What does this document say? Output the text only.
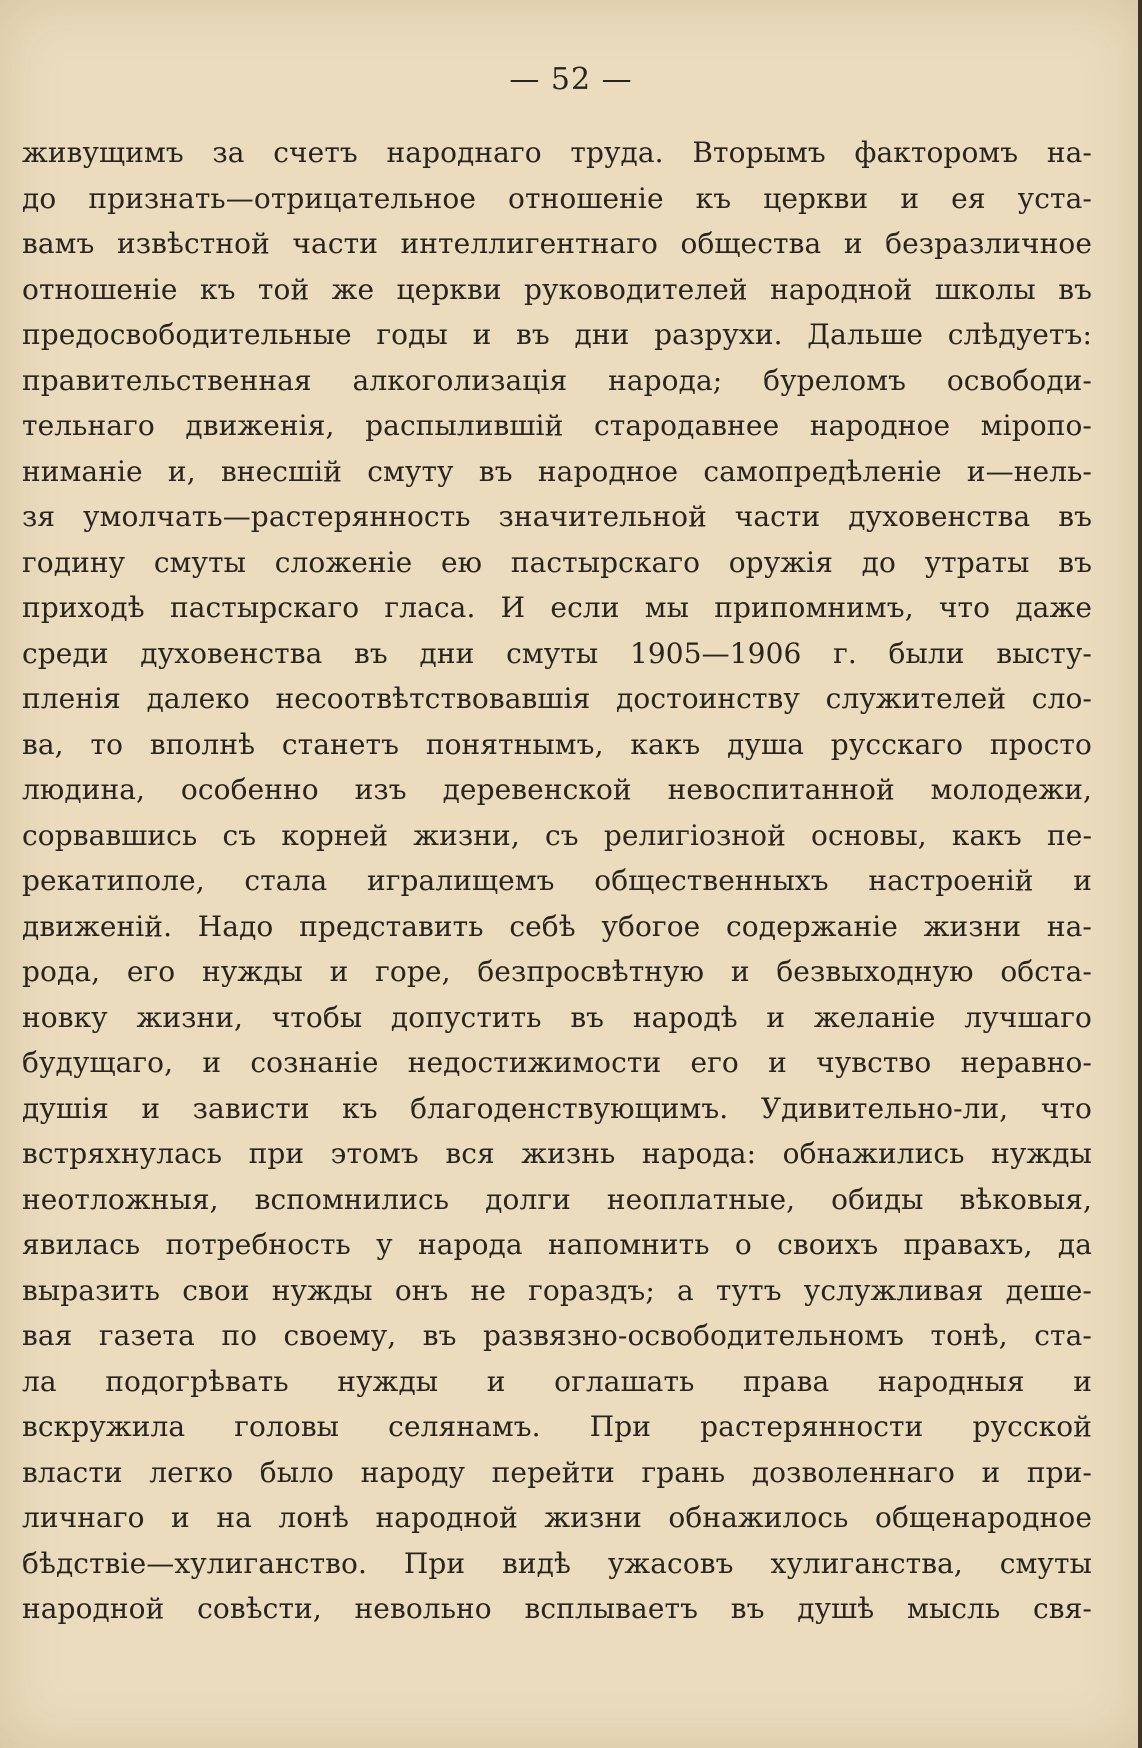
— 52 —
живущимъ за счетъ народнаго труда. Вторымъ факторомъ на-
до признать—отрицательное отношеніе къ церкви и ея уста-
вамъ извѣстной части интеллигентнаго общества и безразличное
отношеніе къ той же церкви руководителей народной школы въ
предосвободительные годы и въ дни разрухи. Дальше слѣдуетъ:
правительственная алкоголизація народа; буреломъ освободи-
тельнаго движенія, распылившій стародавнее народное міропо-
ниманіе и, внесшій смуту въ народное самопредѣленіе и—нель-
зя умолчать—растерянность значительной части духовенства въ
годину смуты сложеніе ею пастырскаго оружія до утраты въ
приходѣ пастырскаго гласа. И если мы припомнимъ, что даже
среди духовенства въ дни смуты 1905—1906 г. были высту-
пленія далеко несоотвѣтствовавшія достоинству служителей сло-
ва, то вполнѣ станетъ понятнымъ, какъ душа русскаго просто
людина, особенно изъ деревенской невоспитанной молодежи,
сорвавшись съ корней жизни, съ религіозной основы, какъ пе-
рекатиполе, стала игралищемъ общественныхъ настроеній и
движеній. Надо представить себѣ убогое содержаніе жизни на-
рода, его нужды и горе, безпросвѣтную и безвыходную обста-
новку жизни, чтобы допустить въ народѣ и желаніе лучшаго
будущаго, и сознаніе недостижимости его и чувство неравно-
душія и зависти къ благоденствующимъ. Удивительно-ли, что
встряхнулась при этомъ вся жизнь народа: обнажились нужды
неотложныя, вспомнились долги неоплатные, обиды вѣковыя,
явилась потребность у народа напомнить о своихъ правахъ, да
выразить свои нужды онъ не гораздъ; а тутъ услужливая деше-
вая газета по своему, въ развязно-освободительномъ тонѣ, ста-
ла подогрѣвать нужды и оглашать права народныя и
вскружила головы селянамъ. При растерянности русской
власти легко было народу перейти грань дозволеннаго и при-
личнаго и на лонѣ народной жизни обнажилось общенародное
бѣдствіе—хулиганство. При видѣ ужасовъ хулиганства, смуты
народной совѣсти, невольно всплываетъ въ душѣ мысль свя-
